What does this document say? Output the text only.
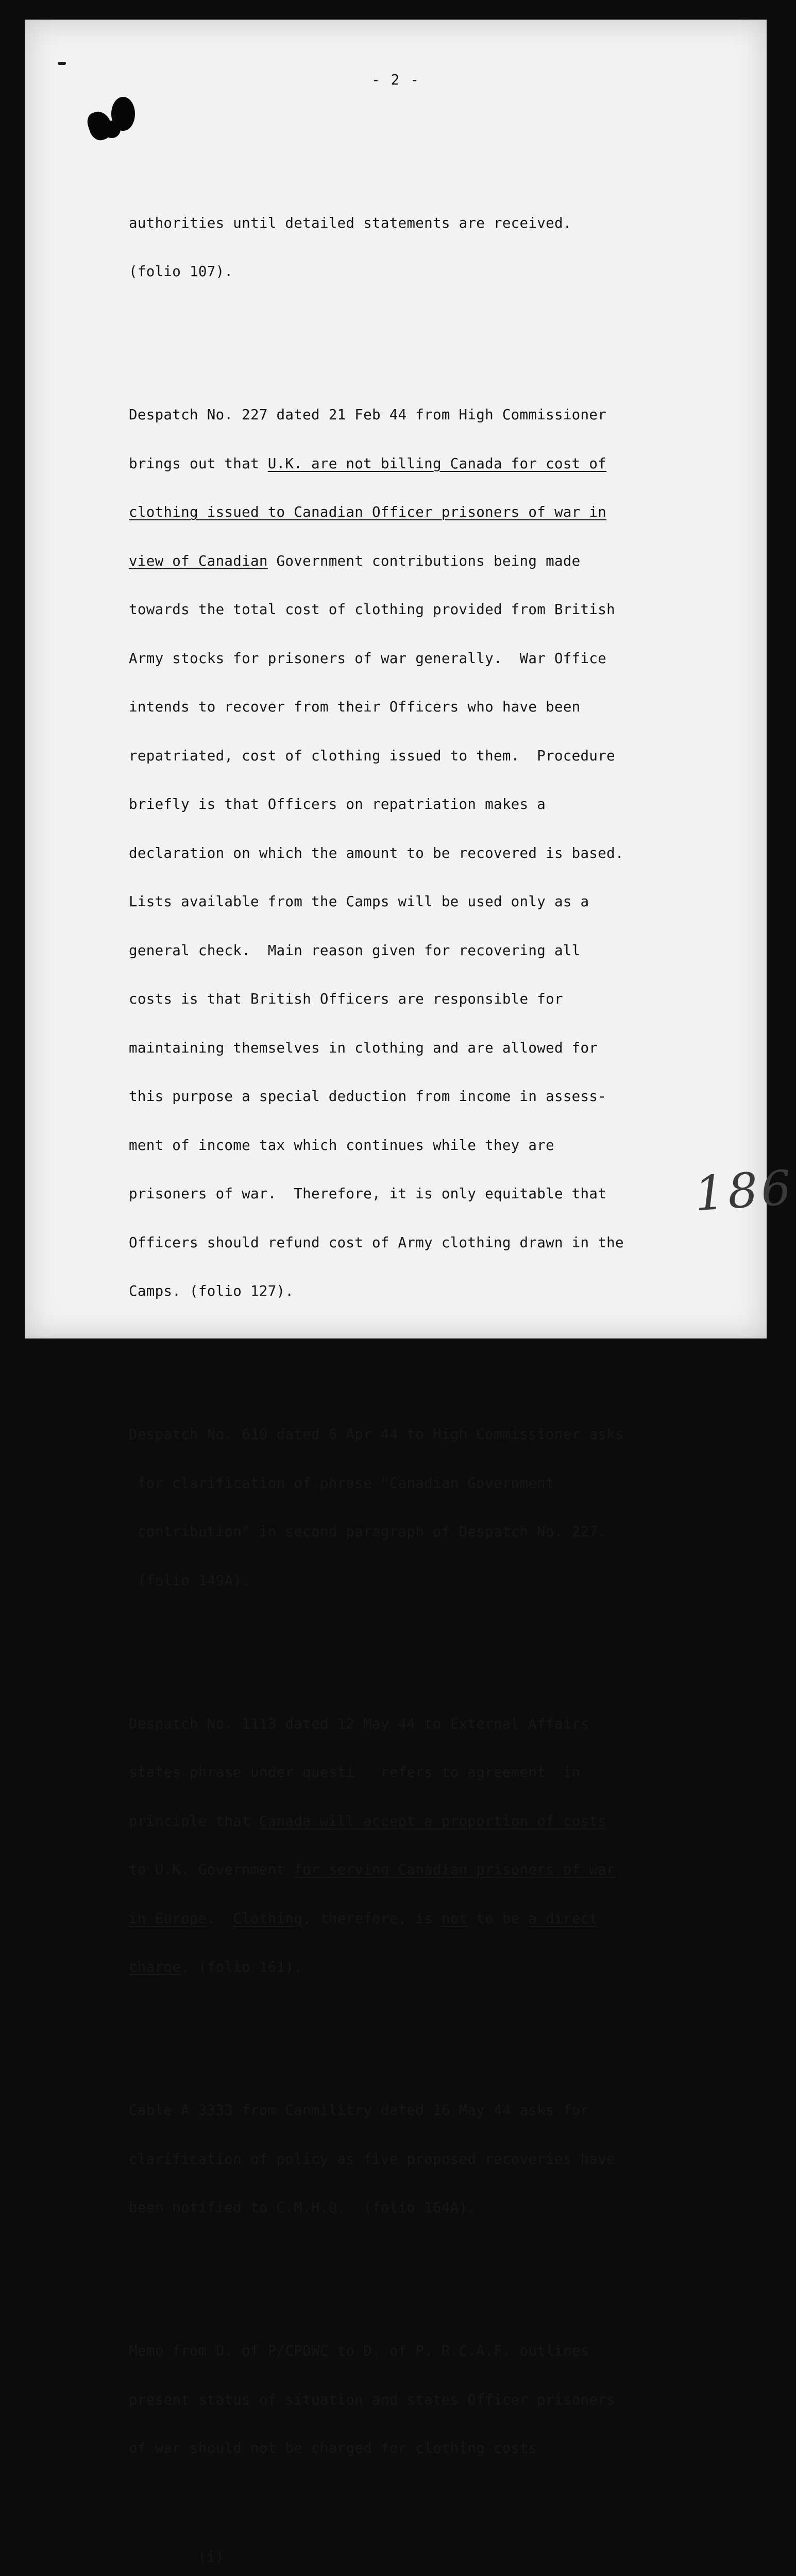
- 2 -

authorities until detailed statements are received.

(folio 107).

Despatch No. 227 dated 21 Feb 44 from High Commissioner

brings out that U.K. are not billing Canada for cost of

clothing issued to Canadian Officer prisoners of war in

view of Canadian Government contributions being made

towards the total cost of clothing provided from British

Army stocks for prisoners of war generally.  War Office

intends to recover from their Officers who have been

repatriated, cost of clothing issued to them.  Procedure

briefly is that Officers on repatriation makes a

declaration on which the amount to be recovered is based.

Lists available from the Camps will be used only as a

general check.  Main reason given for recovering all

costs is that British Officers are responsible for

maintaining themselves in clothing and are allowed for

this purpose a special deduction from income in assess-

ment of income tax which continues while they are

prisoners of war.  Therefore, it is only equitable that

Officers should refund cost of Army clothing drawn in the

Camps. (folio 127).

Despatch No. 610 dated 6 Apr 44 to High Commissioner asks

for clarification of phrase "Canadian Government

contribution" in second paragraph of Despatch No. 227.

(folio 149A).

Despatch No. 1113 dated 12 May 44 to External Affairs

states phrase under questi   refers to agreement  in

principle that Canada will accept a proportion of costs

to U.K. Government for serving Canadian prisoners of war

in Europe.  Clothing, therefore, is not to be a direct

charge. (folio 161).

Cable A 3333 from Canmilitry dated 16 May 44 asks for

clarification of policy as five proposed recoveries have

been notified to C.M.H.Q.  (folio 164A).

Memo from D. of P/CPOWC to D. of P. R.C.A.F. outlines

present status of situation and states Officer prisoners

of war should not be charged for clothing costs

(i)

186
